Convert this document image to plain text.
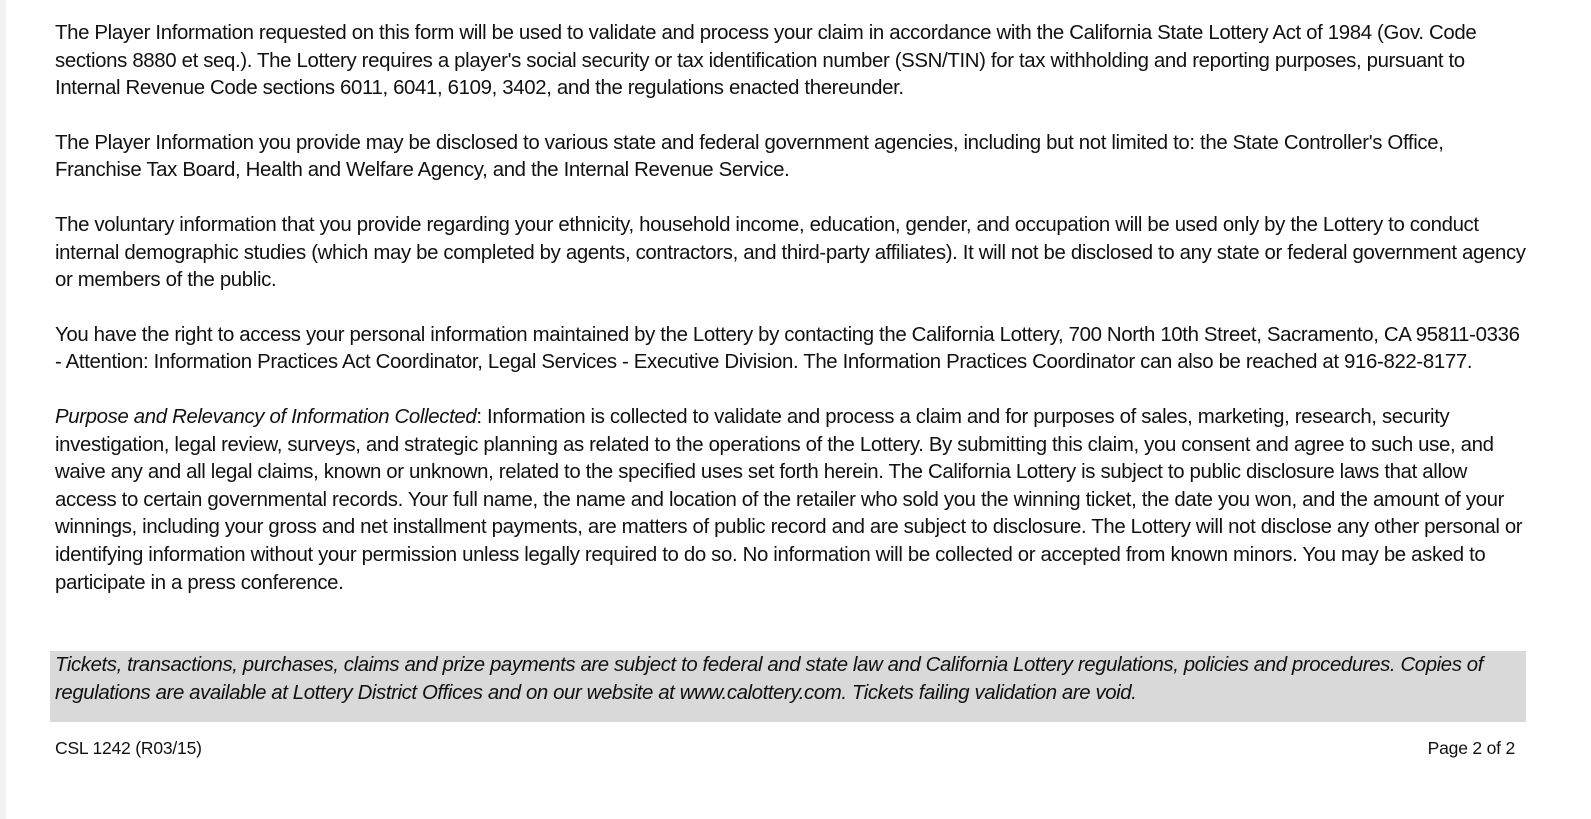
The Player Information requested on this form will be used to validate and process your claim in accordance with the California State Lottery Act of 1984 (Gov. Code sections 8880 et seq.). The Lottery requires a player's social security or tax identification number (SSN/TIN) for tax withholding and reporting purposes, pursuant to Internal Revenue Code sections 6011, 6041, 6109, 3402, and the regulations enacted thereunder.

The Player Information you provide may be disclosed to various state and federal government agencies, including but not limited to: the State Controller's Office, Franchise Tax Board, Health and Welfare Agency, and the Internal Revenue Service.

The voluntary information that you provide regarding your ethnicity, household income, education, gender, and occupation will be used only by the Lottery to conduct internal demographic studies (which may be completed by agents, contractors, and third-party affiliates). It will not be disclosed to any state or federal government agency or members of the public.

You have the right to access your personal information maintained by the Lottery by contacting the California Lottery, 700 North 10th Street, Sacramento, CA 95811-0336 - Attention: Information Practices Act Coordinator, Legal Services - Executive Division. The Information Practices Coordinator can also be reached at 916-822-8177.

Purpose and Relevancy of Information Collected: Information is collected to validate and process a claim and for purposes of sales, marketing, research, security investigation, legal review, surveys, and strategic planning as related to the operations of the Lottery. By submitting this claim, you consent and agree to such use, and waive any and all legal claims, known or unknown, related to the specified uses set forth herein. The California Lottery is subject to public disclosure laws that allow access to certain governmental records. Your full name, the name and location of the retailer who sold you the winning ticket, the date you won, and the amount of your winnings, including your gross and net installment payments, are matters of public record and are subject to disclosure. The Lottery will not disclose any other personal or identifying information without your permission unless legally required to do so. No information will be collected or accepted from known minors. You may be asked to participate in a press conference.

Tickets, transactions, purchases, claims and prize payments are subject to federal and state law and California Lottery regulations, policies and procedures. Copies of regulations are available at Lottery District Offices and on our website at www.calottery.com. Tickets failing validation are void.

CSL 1242 (R03/15)	Page 2 of 2
